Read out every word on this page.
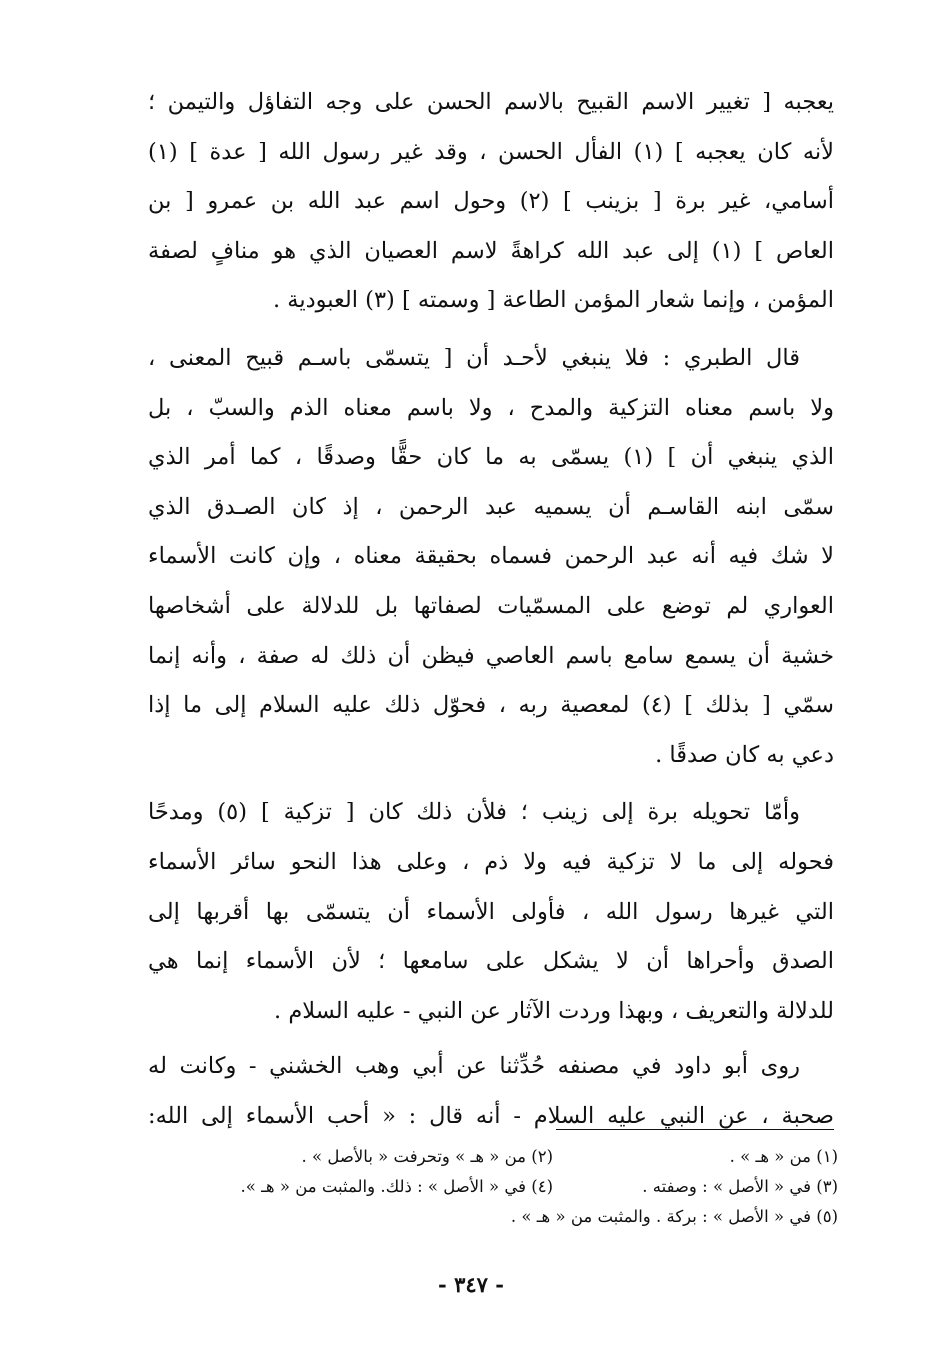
يعجبه [ تغيير الاسم القبيح بالاسم الحسن على وجه التفاؤل والتيمن ؛
لأنه كان يعجبه ] (١) الفأل الحسن ، وقد غير رسول الله [ عدة ] (١)
أسامي، غير برة [ بزينب ] (٢) وحول اسم عبد الله بن عمرو [ بن
العاص ] (١) إلى عبد الله كراهةً لاسم العصيان الذي هو منافٍ لصفة
المؤمن ، وإنما شعار المؤمن الطاعة [ وسمته ] (٣) العبودية .
قال الطبري : فلا ينبغي لأحـد أن [ يتسمّى باسـم قبيح المعنى ،
ولا باسم معناه التزكية والمدح ، ولا باسم معناه الذم والسبّ ، بل
الذي ينبغي أن ] (١) يسمّى به ما كان حقًّا وصدقًا ، كما أمر الذي
سمّى ابنه القاسـم أن يسميه عبد الرحمن ، إذ كان الصـدق الذي
لا شك فيه أنه عبد الرحمن فسماه بحقيقة معناه ، وإن كانت الأسماء
العواري لم توضع على المسمّيات لصفاتها بل للدلالة على أشخاصها
خشية أن يسمع سامع باسم العاصي فيظن أن ذلك له صفة ، وأنه إنما
سمّي [ بذلك ] (٤) لمعصية ربه ، فحوّل ذلك عليه السلام إلى ما إذا
دعي به كان صدقًا .
وأمّا تحويله برة إلى زينب ؛ فلأن ذلك كان [ تزكية ] (٥) ومدحًا
فحوله إلى ما لا تزكية فيه ولا ذم ، وعلى هذا النحو سائر الأسماء
التي غيرها رسول الله ، فأولى الأسماء أن يتسمّى بها أقربها إلى
الصدق وأحراها أن لا يشكل على سامعها ؛ لأن الأسماء إنما هي
للدلالة والتعريف ، وبهذا وردت الآثار عن النبي - عليه السلام .
روى أبو داود في مصنفه حُدِّثنا عن أبي وهب الخشني - وكانت له
صحبة ، عن النبي عليه السلام - أنه قال : « أحب الأسماء إلى الله:
(١) من « هـ » .(٢) من « هـ » وتحرفت « بالأصل » .
(٣) في « الأصل » : وصفته .(٤) في « الأصل » : ذلك. والمثبت من « هـ ».
(٥) في « الأصل » : بركة . والمثبت من « هـ » .
- ٣٤٧ -
